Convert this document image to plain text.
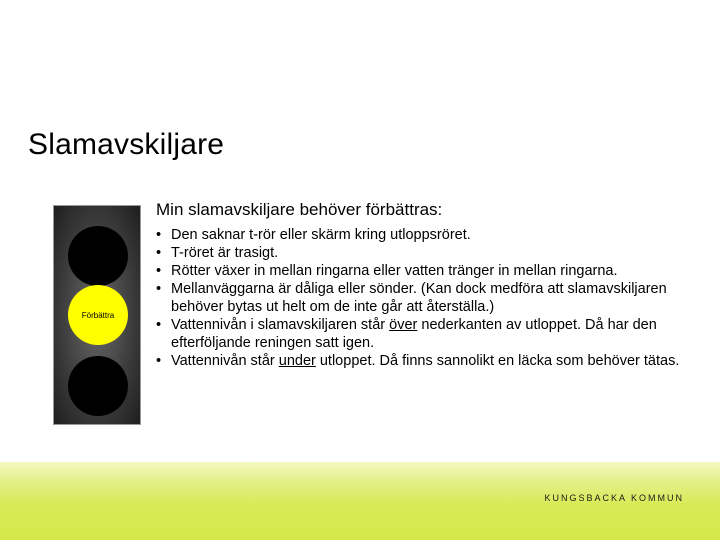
Slamavskiljare
Förbättra
Min slamavskiljare behöver förbättras:
• Den saknar t-rör eller skärm kring utloppsröret.
• T-röret är trasigt.
• Rötter växer in mellan ringarna eller vatten tränger in mellan ringarna.
• Mellanväggarna är dåliga eller sönder. (Kan dock medföra att slamavskiljaren behöver bytas ut helt om de inte går att återställa.)
• Vattennivån i slamavskiljaren står över nederkanten av utloppet. Då har den efterföljande reningen satt igen.
• Vattennivån står under utloppet. Då finns sannolikt en läcka som behöver tätas.
KUNGSBACKA KOMMUN
